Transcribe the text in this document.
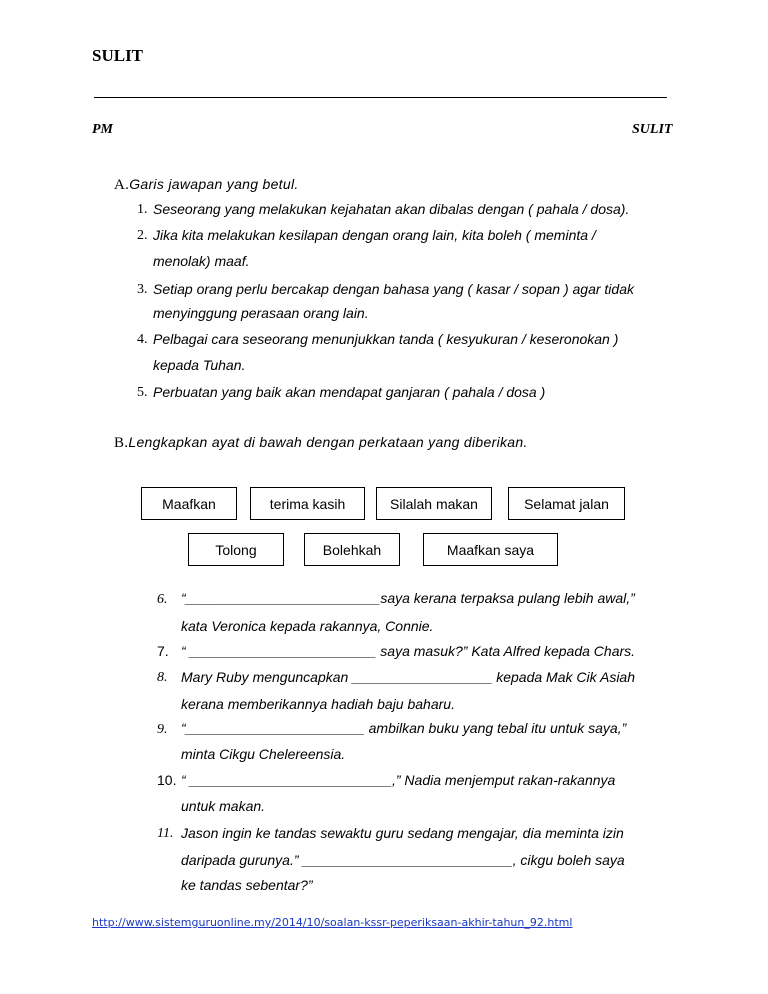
SULIT
PM	SULIT
A.Garis jawapan yang betul.
1. Seseorang yang melakukan kejahatan akan dibalas dengan ( pahala / dosa).
2. Jika kita melakukan kesilapan dengan orang lain, kita boleh ( meminta /
menolak) maaf.
3. Setiap orang perlu bercakap dengan bahasa yang ( kasar / sopan ) agar tidak
menyinggung perasaan orang lain.
4. Pelbagai cara seseorang menunjukkan tanda ( kesyukuran / keseronokan )
kepada Tuhan.
5. Perbuatan yang baik akan mendapat ganjaran ( pahala / dosa )
B.Lengkapkan ayat di bawah dengan perkataan yang diberikan.
Maafkan	terima kasih	Silalah makan	Selamat jalan
Tolong	Bolehkah	Maafkan saya
6. “_________________________saya kerana terpaksa pulang lebih awal,”
kata Veronica kepada rakannya, Connie.
7. “ ________________________ saya masuk?” Kata Alfred kepada Chars.
8. Mary Ruby menguncapkan __________________ kepada Mak Cik Asiah
kerana memberikannya hadiah baju baharu.
9. “_______________________ ambilkan buku yang tebal itu untuk saya,”
minta Cikgu Chelereensia.
10. “ __________________________,” Nadia menjemput rakan-rakannya
untuk makan.
11. Jason ingin ke tandas sewaktu guru sedang mengajar, dia meminta izin
daripada gurunya.” ___________________________, cikgu boleh saya
ke tandas sebentar?”
http://www.sistemguruonline.my/2014/10/soalan-kssr-peperiksaan-akhir-tahun_92.html
